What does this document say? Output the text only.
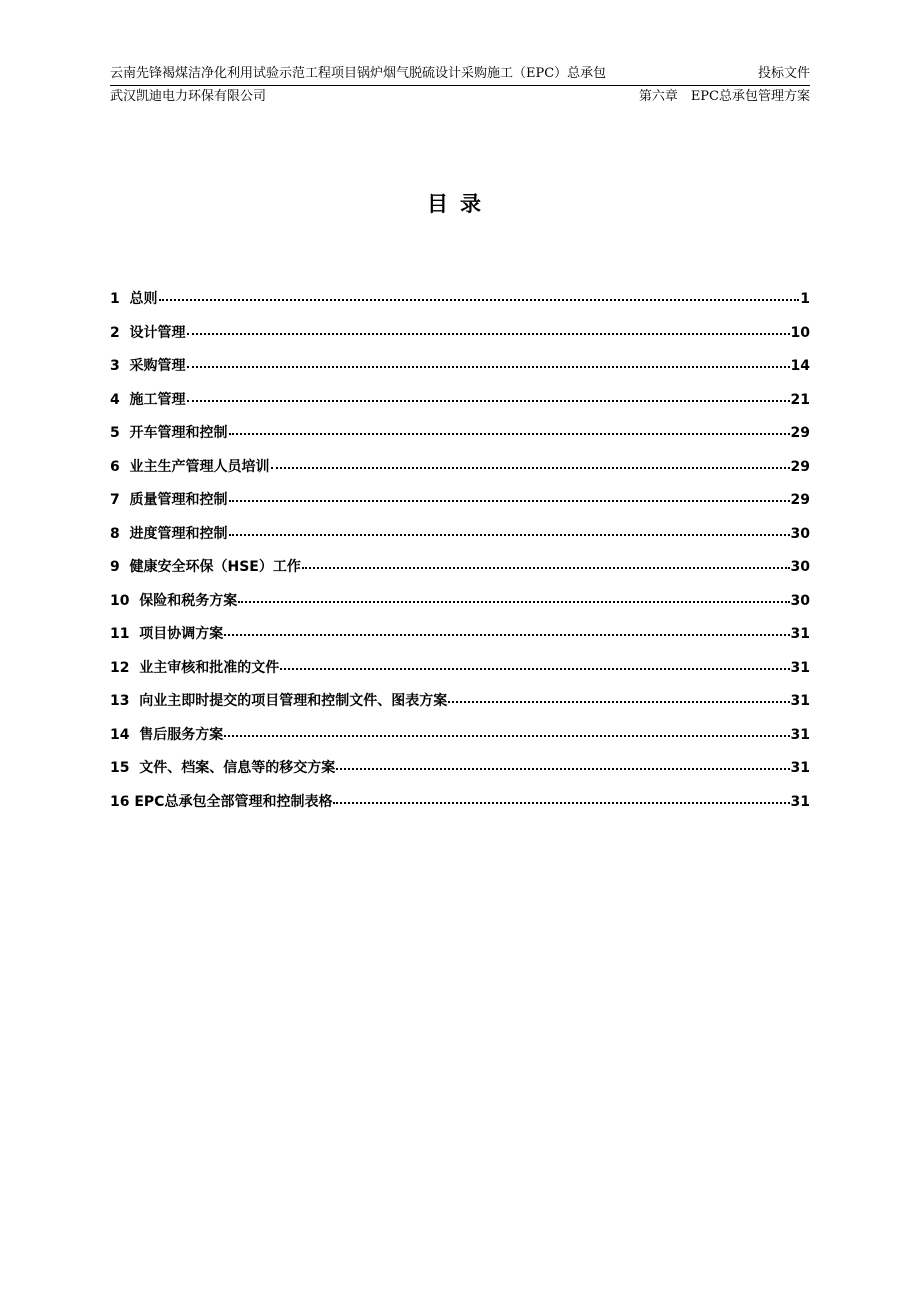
云南先锋褐煤洁净化利用试验示范工程项目锅炉烟气脱硫设计采购施工（EPC）总承包	投标文件
武汉凯迪电力环保有限公司	第六章　EPC总承包管理方案
目录
1 总则	1
2 设计管理	10
3 采购管理	14
4 施工管理	21
5 开车管理和控制	29
6 业主生产管理人员培训	29
7 质量管理和控制	29
8 进度管理和控制	30
9 健康安全环保（HSE）工作	30
10 保险和税务方案	30
11 项目协调方案	31
12 业主审核和批准的文件	31
13 向业主即时提交的项目管理和控制文件、图表方案	31
14 售后服务方案	31
15 文件、档案、信息等的移交方案	31
16 EPC总承包全部管理和控制表格	31
